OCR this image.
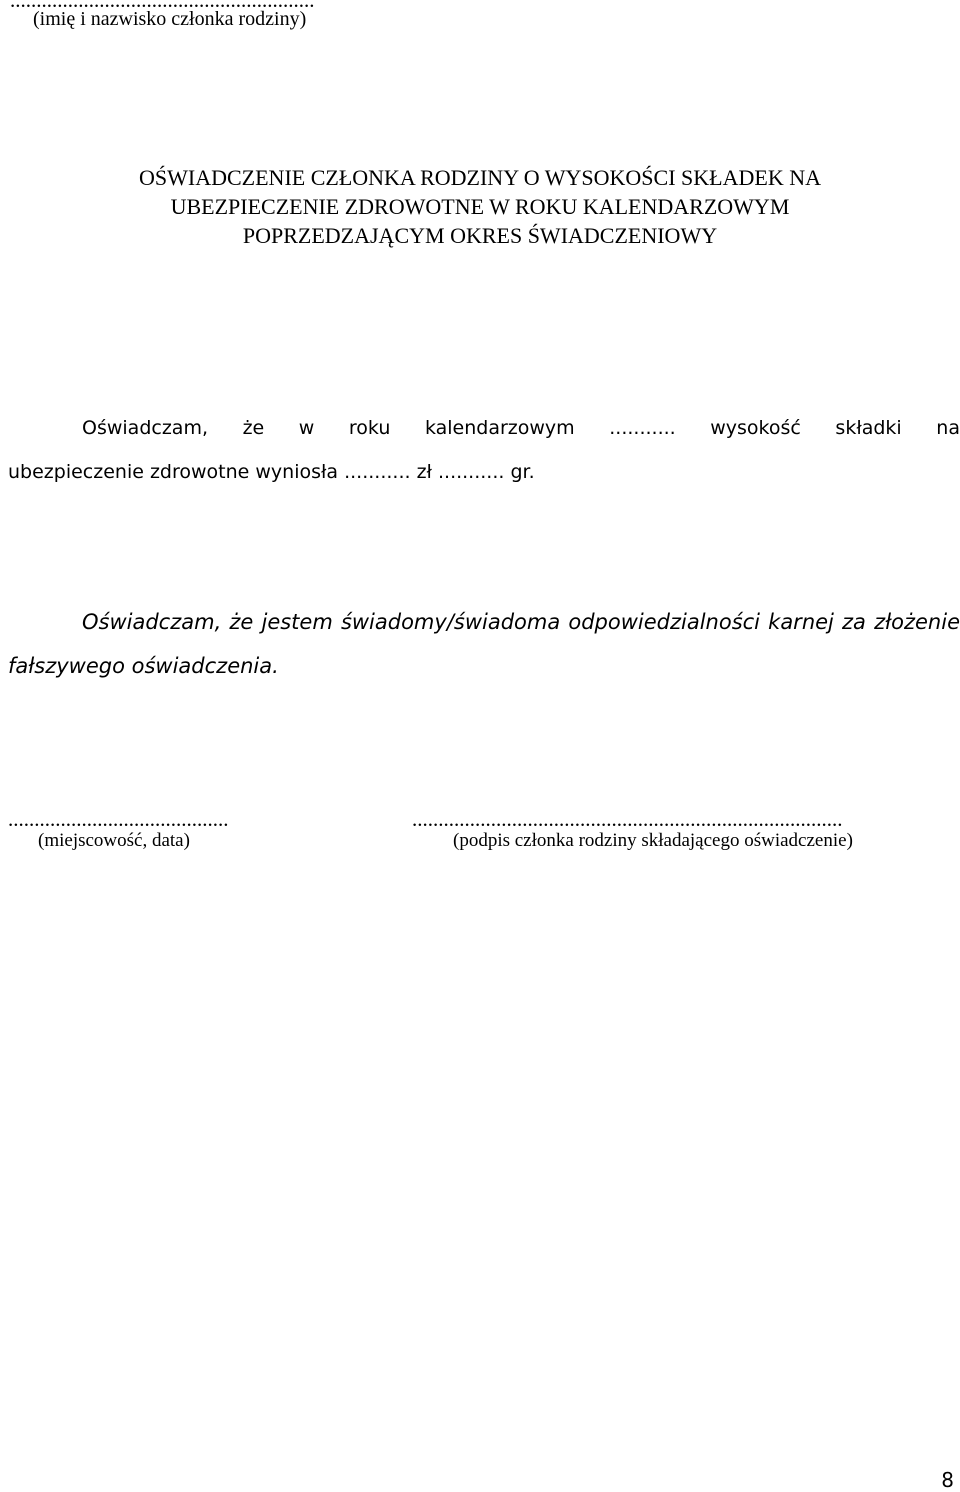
..........................................................
(imię i nazwisko członka rodziny)
OŚWIADCZENIE CZŁONKA RODZINY O WYSOKOŚCI SKŁADEK NA
UBEZPIECZENIE ZDROWOTNE W ROKU KALENDARZOWYM
POPRZEDZAJĄCYM OKRES ŚWIADCZENIOWY
Oświadczam, że w roku kalendarzowym ........... wysokość składki na
ubezpieczenie zdrowotne wyniosła ........... zł ........... gr.
Oświadczam, że jestem świadomy/świadoma odpowiedzialności karnej za złożenie
fałszywego oświadczenia.
..........................................
(miejscowość, data)
..................................................................................
(podpis członka rodziny składającego oświadczenie)
8
